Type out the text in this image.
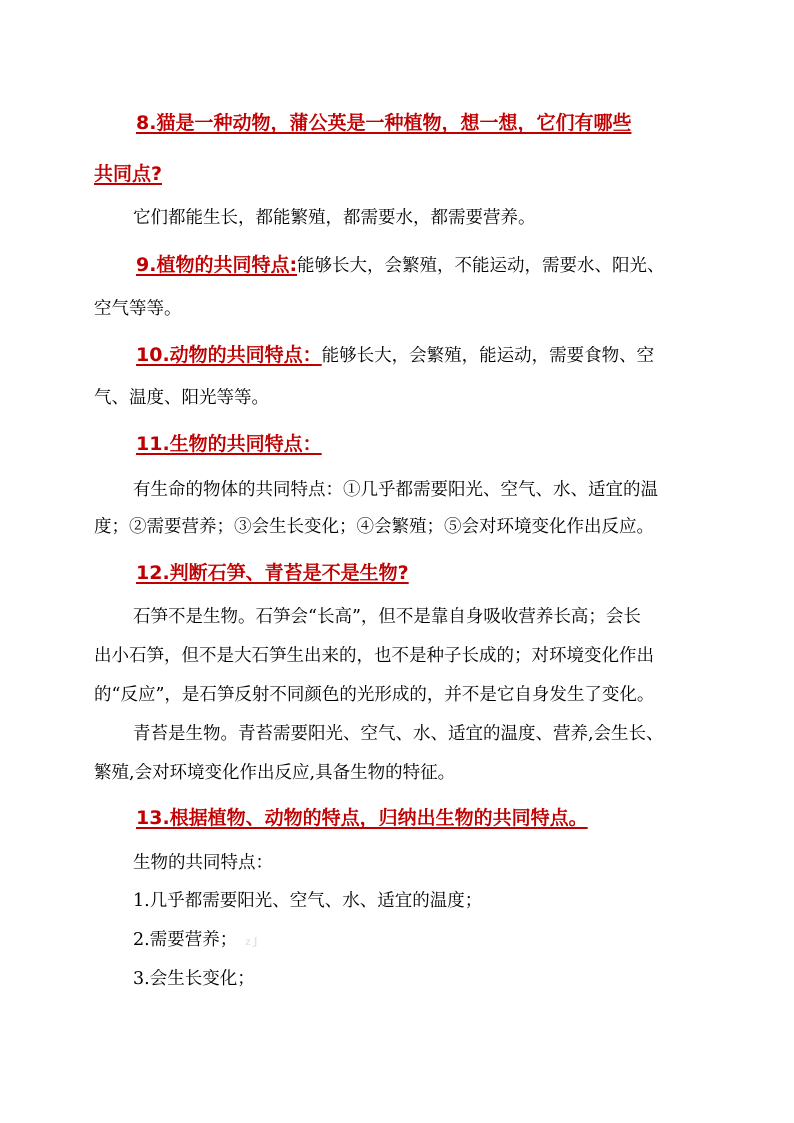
8.猫是一种动物，蒲公英是一种植物，想一想，它们有哪些
共同点?
它们都能生长，都能繁殖，都需要水，都需要营养。
9.植物的共同特点:能够长大，会繁殖，不能运动，需要水、阳光、
空气等等。
10.动物的共同特点：能够长大，会繁殖，能运动，需要食物、空
气、温度、阳光等等。
11.生物的共同特点：
有生命的物体的共同特点：①几乎都需要阳光、空气、水、适宜的温
度；②需要营养；③会生长变化；④会繁殖；⑤会对环境变化作出反应。
12.判断石笋、青苔是不是生物?
石笋不是生物。石笋会“长高”，但不是靠自身吸收营养长高；会长
出小石笋，但不是大石笋生出来的，也不是种子长成的；对环境变化作出
的“反应”，是石笋反射不同颜色的光形成的，并不是它自身发生了变化。
青苔是生物。青苔需要阳光、空气、水、适宜的温度、营养,会生长、
繁殖,会对环境变化作出反应,具备生物的特征。
13.根据植物、动物的特点，归纳出生物的共同特点。
生物的共同特点：
1.几乎都需要阳光、空气、水、适宜的温度；
2.需要营养； z J
3.会生长变化；
